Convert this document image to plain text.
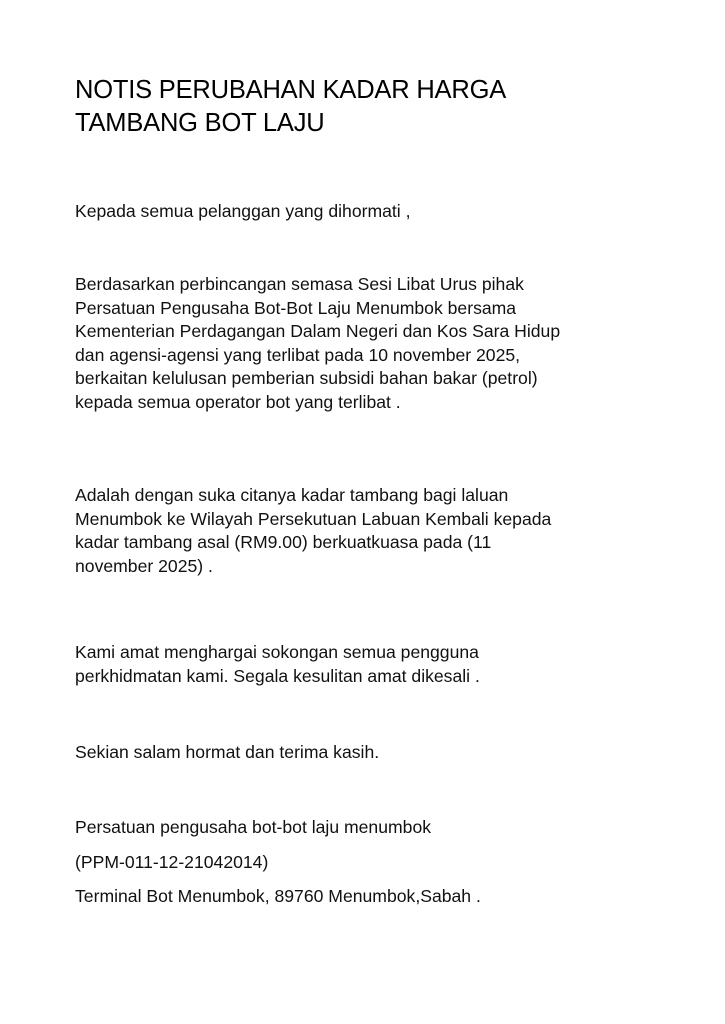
NOTIS PERUBAHAN KADAR HARGA
TAMBANG BOT LAJU

Kepada semua pelanggan yang dihormati ,

Berdasarkan perbincangan semasa Sesi Libat Urus pihak
Persatuan Pengusaha Bot-Bot Laju Menumbok bersama
Kementerian Perdagangan Dalam Negeri dan Kos Sara Hidup
dan agensi-agensi yang terlibat pada 10 november 2025,
berkaitan kelulusan pemberian subsidi bahan bakar (petrol)
kepada semua operator bot yang terlibat .

Adalah dengan suka citanya kadar tambang bagi laluan
Menumbok ke Wilayah Persekutuan Labuan Kembali kepada
kadar tambang asal (RM9.00) berkuatkuasa pada (11
november 2025) .

Kami amat menghargai sokongan semua pengguna
perkhidmatan kami. Segala kesulitan amat dikesali .

Sekian salam hormat dan terima kasih.

Persatuan pengusaha bot-bot laju menumbok
(PPM-011-12-21042014)
Terminal Bot Menumbok, 89760 Menumbok,Sabah .
